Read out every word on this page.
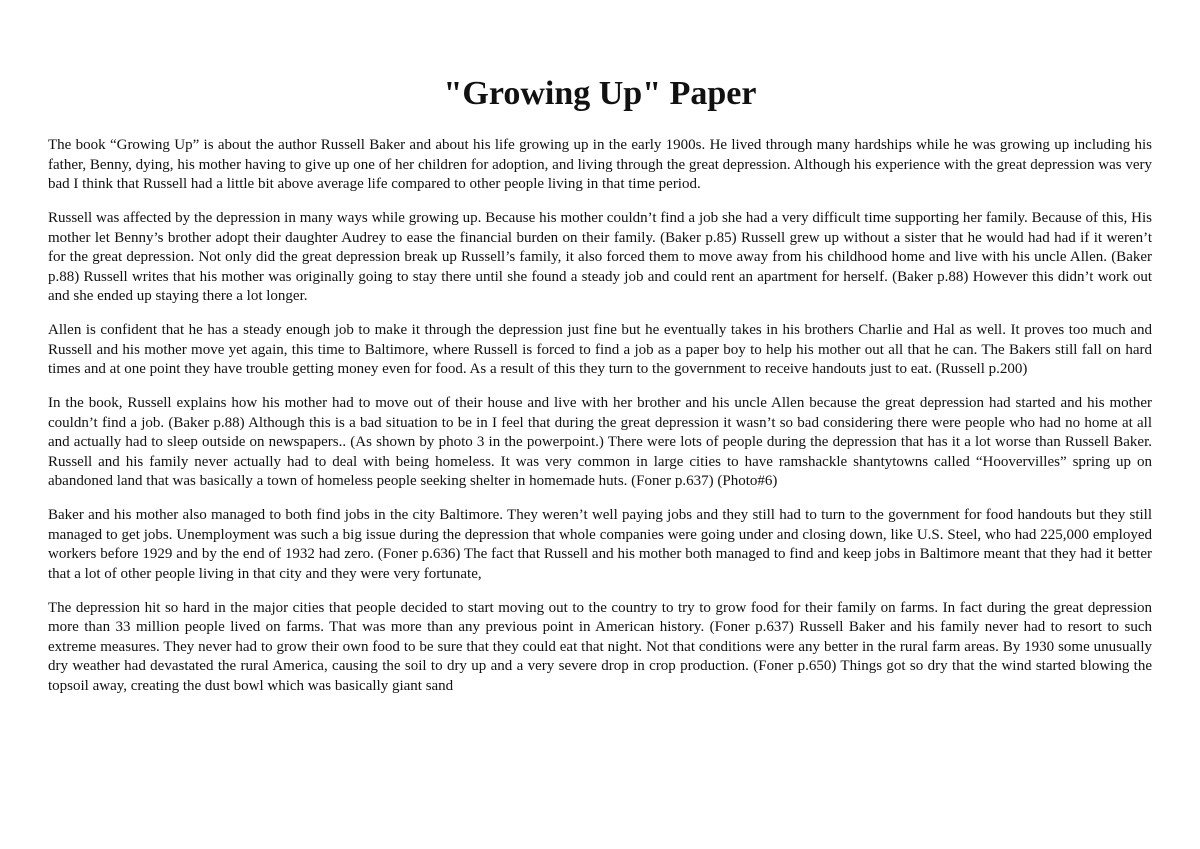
"Growing Up" Paper

The book “Growing Up” is about the author Russell Baker and about his life growing up in the early 1900s. He lived through many hardships while he was growing up including his father, Benny, dying, his mother having to give up one of her children for adoption, and living through the great depression. Although his experience with the great depression was very bad I think that Russell had a little bit above average life compared to other people living in that time period.

Russell was affected by the depression in many ways while growing up. Because his mother couldn’t find a job she had a very difficult time supporting her family. Because of this, His mother let Benny’s brother adopt their daughter Audrey to ease the financial burden on their family. (Baker p.85) Russell grew up without a sister that he would had had if it weren’t for the great depression. Not only did the great depression break up Russell’s family, it also forced them to move away from his childhood home and live with his uncle Allen. (Baker p.88) Russell writes that his mother was originally going to stay there until she found a steady job and could rent an apartment for herself. (Baker p.88) However this didn’t work out and she ended up staying there a lot longer.

Allen is confident that he has a steady enough job to make it through the depression just fine but he eventually takes in his brothers Charlie and Hal as well. It proves too much and Russell and his mother move yet again, this time to Baltimore, where Russell is forced to find a job as a paper boy to help his mother out all that he can. The Bakers still fall on hard times and at one point they have trouble getting money even for food. As a result of this they turn to the government to receive handouts just to eat. (Russell p.200)

In the book, Russell explains how his mother had to move out of their house and live with her brother and his uncle Allen because the great depression had started and his mother couldn’t find a job. (Baker p.88) Although this is a bad situation to be in I feel that during the great depression it wasn’t so bad considering there were people who had no home at all and actually had to sleep outside on newspapers.. (As shown by photo 3 in the powerpoint.) There were lots of people during the depression that has it a lot worse than Russell Baker. Russell and his family never actually had to deal with being homeless. It was very common in large cities to have ramshackle shantytowns called “Hoovervilles” spring up on abandoned land that was basically a town of homeless people seeking shelter in homemade huts. (Foner p.637) (Photo#6)

Baker and his mother also managed to both find jobs in the city Baltimore. They weren’t well paying jobs and they still had to turn to the government for food handouts but they still managed to get jobs. Unemployment was such a big issue during the depression that whole companies were going under and closing down, like U.S. Steel, who had 225,000 employed workers before 1929 and by the end of 1932 had zero. (Foner p.636) The fact that Russell and his mother both managed to find and keep jobs in Baltimore meant that they had it better that a lot of other people living in that city and they were very fortunate,

The depression hit so hard in the major cities that people decided to start moving out to the country to try to grow food for their family on farms. In fact during the great depression more than 33 million people lived on farms. That was more than any previous point in American history. (Foner p.637) Russell Baker and his family never had to resort to such extreme measures. They never had to grow their own food to be sure that they could eat that night. Not that conditions were any better in the rural farm areas. By 1930 some unusually dry weather had devastated the rural America, causing the soil to dry up and a very severe drop in crop production. (Foner p.650) Things got so dry that the wind started blowing the topsoil away, creating the dust bowl which was basically giant sand
